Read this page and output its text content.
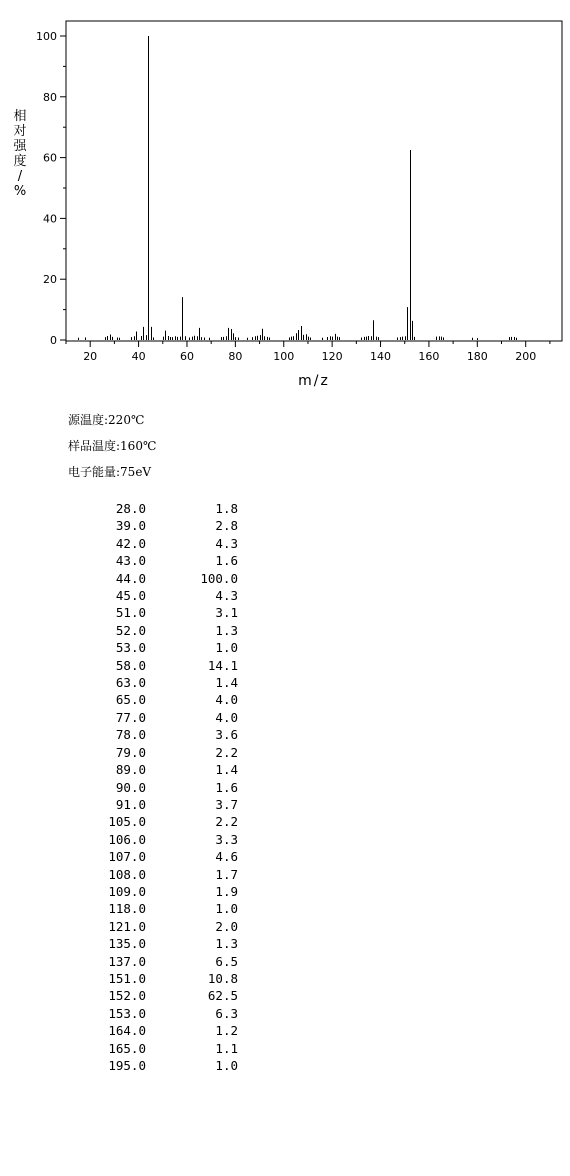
相
对
强
度
/
%
0
20
40
60
80
100
20	40	60	80	100 120 140 160 180 200
m/z
源温度:220℃
样品温度:160℃
电子能量:75eV
28.0	1.8
39.0	2.8
42.0	4.3
43.0	1.6
44.0	100.0
45.0	4.3
51.0	3.1
52.0	1.3
53.0	1.0
58.0	14.1
63.0	1.4
65.0	4.0
77.0	4.0
78.0	3.6
79.0	2.2
89.0	1.4
90.0	1.6
91.0	3.7
105.0	2.2
106.0	3.3
107.0	4.6
108.0	1.7
109.0	1.9
118.0	1.0
121.0	2.0
135.0	1.3
137.0	6.5
151.0	10.8
152.0	62.5
153.0	6.3
164.0	1.2
165.0	1.1
195.0	1.0
